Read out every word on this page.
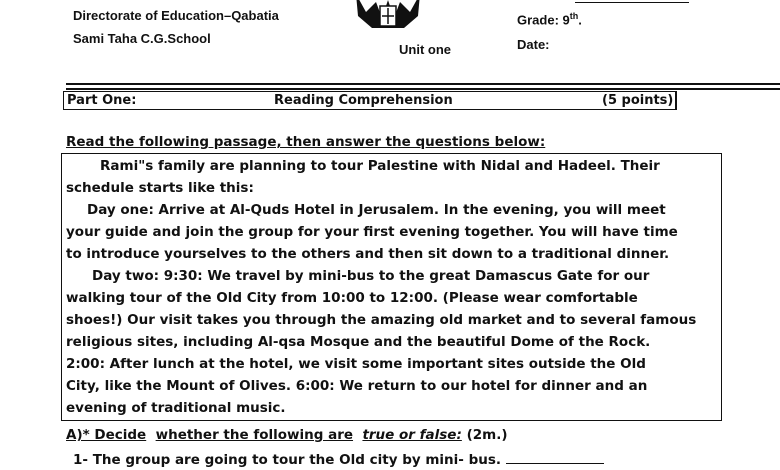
Directorate of Education–Qabatia
Sami Taha C.G.School
Unit one
Grade: 9th.
Date:
Part One:	Reading Comprehension	(5 points)
Read the following passage, then answer the questions below:
Rami"s family are planning to tour Palestine with Nidal and Hadeel. Their
schedule starts like this:
Day one: Arrive at Al-Quds Hotel in Jerusalem. In the evening, you will meet
your guide and join the group for your first evening together. You will have time
to introduce yourselves to the others and then sit down to a traditional dinner.
Day two: 9:30: We travel by mini-bus to the great Damascus Gate for our
walking tour of the Old City from 10:00 to 12:00. (Please wear comfortable
shoes!) Our visit takes you through the amazing old market and to several famous
religious sites, including Al-qsa Mosque and the beautiful Dome of the Rock.
2:00: After lunch at the hotel, we visit some important sites outside the Old
City, like the Mount of Olives. 6:00: We return to our hotel for dinner and an
evening of traditional music.
A)* Decide whether the following are true or false: (2m.)
1- The group are going to tour the Old city by mini- bus.
